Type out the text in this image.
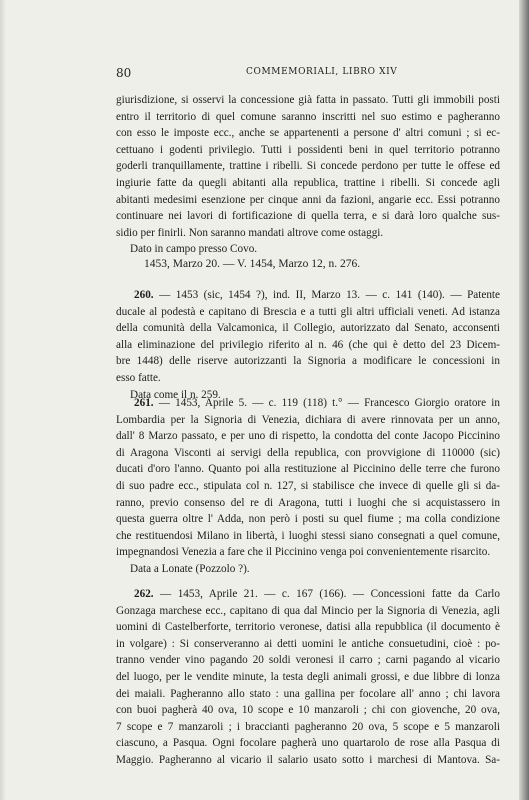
80	COMMEMORIALI, LIBRO XIV
giurisdizione, si osservi la concessione già fatta in passato. Tutti gli immobili posti
entro il territorio di quel comune saranno inscritti nel suo estimo e pagheranno
con esso le imposte ecc., anche se appartenenti a persone d' altri comuni ; si ec-
cettuano i godenti privilegio. Tutti i possidenti beni in quel territorio potranno
goderli tranquillamente, trattine i ribelli. Si concede perdono per tutte le offese ed
ingiurie fatte da quegli abitanti alla republica, trattine i ribelli. Si concede agli
abitanti medesimi esenzione per cinque anni da fazioni, angarie ecc. Essi potranno
continuare nei lavori di fortificazione di quella terra, e si darà loro qualche sus-
sidio per finirli. Non saranno mandati altrove come ostaggi.
Dato in campo presso Covo.
1453, Marzo 20. — V. 1454, Marzo 12, n. 276.
260. — 1453 (sic, 1454 ?), ind. II, Marzo 13. — c. 141 (140). — Patente
ducale al podestà e capitano di Brescia e a tutti gli altri ufficiali veneti. Ad istanza
della comunità della Valcamonica, il Collegio, autorizzato dal Senato, acconsenti
alla eliminazione del privilegio riferito al n. 46 (che qui è detto del 23 Dicem-
bre 1448) delle riserve autorizzanti la Signoria a modificare le concessioni in
esso fatte.
Data come il n. 259.
261. — 1453, Aprile 5. — c. 119 (118) t.° — Francesco Giorgio oratore in
Lombardia per la Signoria di Venezia, dichiara di avere rinnovata per un anno,
dall' 8 Marzo passato, e per uno di rispetto, la condotta del conte Jacopo Piccinino
di Aragona Visconti ai servigi della republica, con provvigione di 110000 (sic)
ducati d'oro l'anno. Quanto poi alla restituzione al Piccinino delle terre che furono
di suo padre ecc., stipulata col n. 127, si stabilisce che invece di quelle gli si da-
ranno, previo consenso del re di Aragona, tutti i luoghi che si acquistassero in
questa guerra oltre l' Adda, non però i posti su quel fiume ; ma colla condizione
che restituendosi Milano in libertà, i luoghi stessi siano consegnati a quel comune,
impegnandosi Venezia a fare che il Piccinino venga poi convenientemente risarcito.
Data a Lonate (Pozzolo ?).
262. — 1453, Aprile 21. — c. 167 (166). — Concessioni fatte da Carlo
Gonzaga marchese ecc., capitano di qua dal Mincio per la Signoria di Venezia, agli
uomini di Castelberforte, territorio veronese, datisi alla repubblica (il documento è
in volgare) : Si conserveranno ai detti uomini le antiche consuetudini, cioè : po-
tranno vender vino pagando 20 soldi veronesi il carro ; carni pagando al vicario
del luogo, per le vendite minute, la testa degli animali grossi, e due libbre di lonza
dei maiali. Pagheranno allo stato : una gallina per focolare all' anno ; chi lavora
con buoi pagherà 40 ova, 10 scope e 10 manzaroli ; chi con giovenche, 20 ova,
7 scope e 7 manzaroli ; i braccianti pagheranno 20 ova, 5 scope e 5 manzaroli
ciascuno, a Pasqua. Ogni focolare pagherà uno quartarolo de rose alla Pasqua di
Maggio. Pagheranno al vicario il salario usato sotto i marchesi di Mantova. Sa-
